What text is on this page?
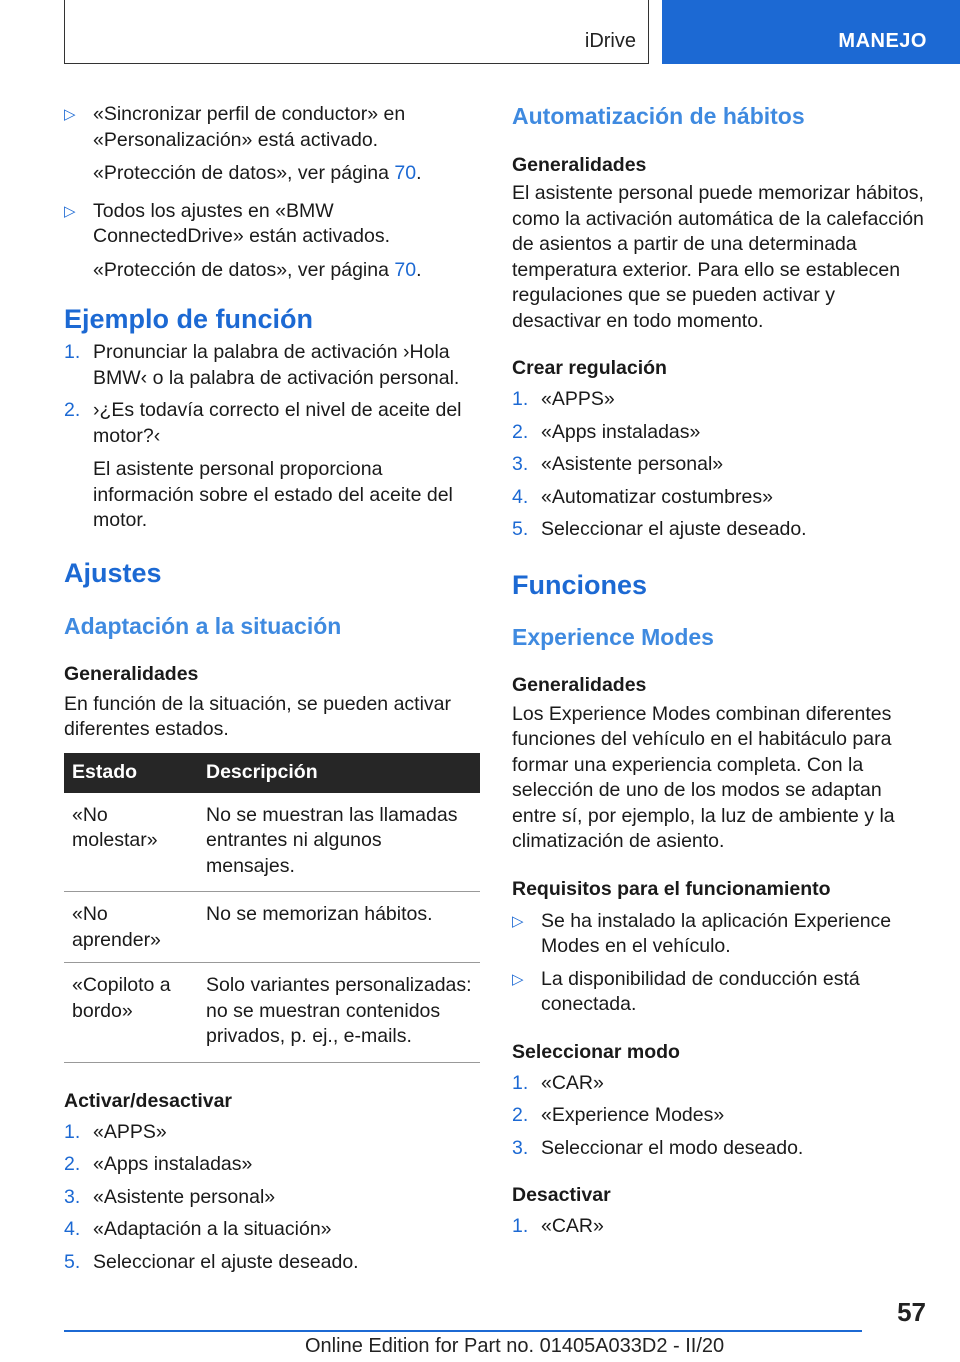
iDrive	MANEJO
▷ «Sincronizar perfil de conductor» en «Personalización» está activado.
«Protección de datos», ver página 70.
▷ Todos los ajustes en «BMW ConnectedDrive» están activados.
«Protección de datos», ver página 70.
Ejemplo de función
1. Pronunciar la palabra de activación ›Hola BMW‹ o la palabra de activación personal.
2. ›¿Es todavía correcto el nivel de aceite del motor?‹
El asistente personal proporciona información sobre el estado del aceite del motor.
Ajustes
Adaptación a la situación
Generalidades
En función de la situación, se pueden activar diferentes estados.
Estado	Descripción
«No molestar»	No se muestran las llamadas entrantes ni algunos mensajes.
«No aprender»	No se memorizan hábitos.
«Copiloto a bordo»	Solo variantes personalizadas: no se muestran contenidos privados, p. ej., e-mails.
Activar/desactivar
1. «APPS»
2. «Apps instaladas»
3. «Asistente personal»
4. «Adaptación a la situación»
5. Seleccionar el ajuste deseado.
Automatización de hábitos
Generalidades
El asistente personal puede memorizar hábitos, como la activación automática de la calefacción de asientos a partir de una determinada temperatura exterior. Para ello se establecen regulaciones que se pueden activar y desactivar en todo momento.
Crear regulación
1. «APPS»
2. «Apps instaladas»
3. «Asistente personal»
4. «Automatizar costumbres»
5. Seleccionar el ajuste deseado.
Funciones
Experience Modes
Generalidades
Los Experience Modes combinan diferentes funciones del vehículo en el habitáculo para formar una experiencia completa. Con la selección de uno de los modos se adaptan entre sí, por ejemplo, la luz de ambiente y la climatización de asiento.
Requisitos para el funcionamiento
▷ Se ha instalado la aplicación Experience Modes en el vehículo.
▷ La disponibilidad de conducción está conectada.
Seleccionar modo
1. «CAR»
2. «Experience Modes»
3. Seleccionar el modo deseado.
Desactivar
1. «CAR»
57
Online Edition for Part no. 01405A033D2 - II/20
